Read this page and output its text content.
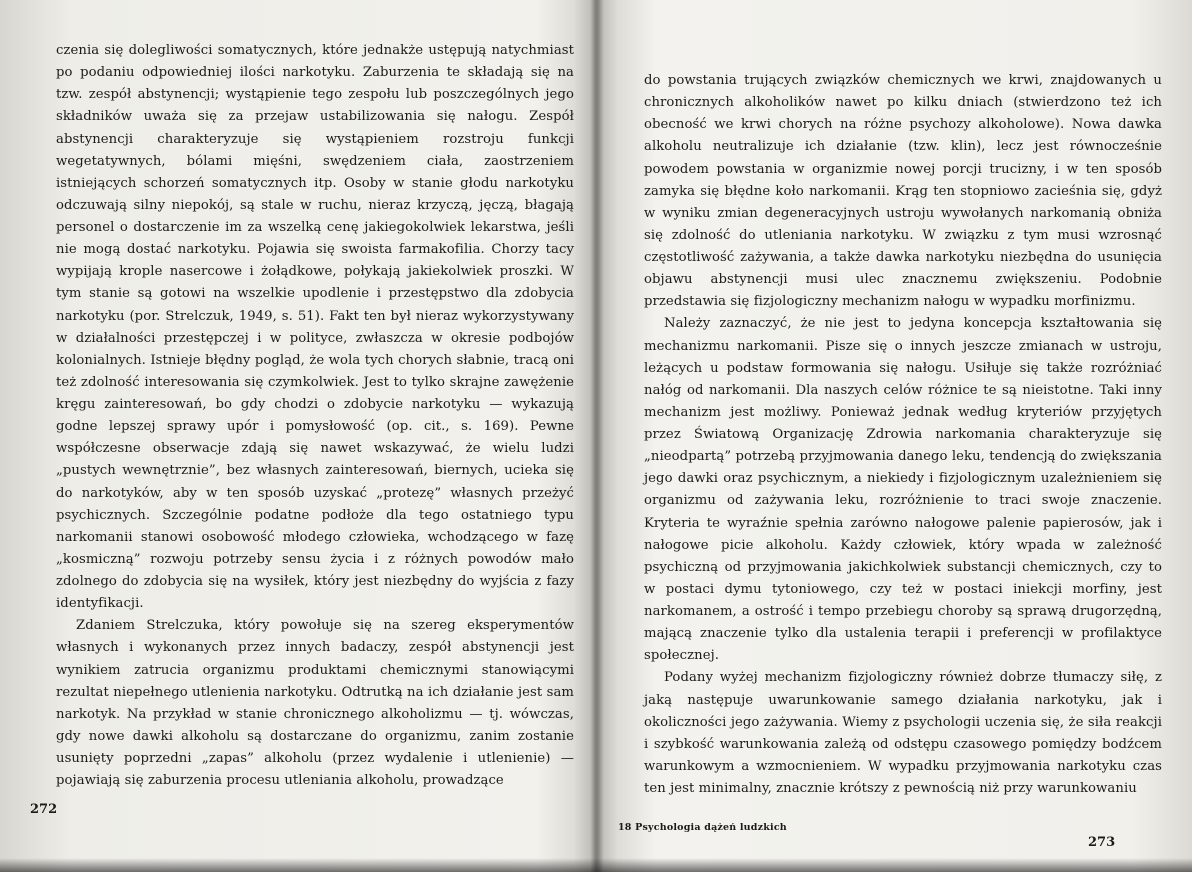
czenia się dolegliwości somatycznych, które jednakże ustępują natychmiast po podaniu odpowiedniej ilości narkotyku. Zaburzenia te składają się na tzw. zespół abstynencji; wystąpienie tego zespołu lub poszczególnych jego składników uważa się za przejaw ustabilizowania się nałogu. Zespół abstynencji charakteryzuje się wystąpieniem rozstroju funkcji wegetatywnych, bólami mięśni, swędzeniem ciała, zaostrzeniem istniejących schorzeń somatycznych itp. Osoby w stanie głodu narkotyku odczuwają silny niepokój, są stale w ruchu, nieraz krzyczą, jęczą, błagają personel o dostarczenie im za wszelką cenę jakiegokolwiek lekarstwa, jeśli nie mogą dostać narkotyku. Pojawia się swoista farmakofilia. Chorzy tacy wypijają krople nasercowe i żołądkowe, połykają jakiekolwiek proszki. W tym stanie są gotowi na wszelkie upodlenie i przestępstwo dla zdobycia narkotyku (por. Strelczuk, 1949, s. 51). Fakt ten był nieraz wykorzystywany w działalności przestępczej i w polityce, zwłaszcza w okresie podbojów kolonialnych. Istnieje błędny pogląd, że wola tych chorych słabnie, tracą oni też zdolność interesowania się czymkolwiek. Jest to tylko skrajne zawężenie kręgu zainteresowań, bo gdy chodzi o zdobycie narkotyku — wykazują godne lepszej sprawy upór i pomysłowość (op. cit., s. 169). Pewne współczesne obserwacje zdają się nawet wskazywać, że wielu ludzi „pustych wewnętrznie”, bez własnych zainteresowań, biernych, ucieka się do narkotyków, aby w ten sposób uzyskać „protezę” własnych przeżyć psychicznych. Szczególnie podatne podłoże dla tego ostatniego typu narkomanii stanowi osobowość młodego człowieka, wchodzącego w fazę „kosmiczną” rozwoju potrzeby sensu życia i z różnych powodów mało zdolnego do zdobycia się na wysiłek, który jest niezbędny do wyjścia z fazy identyfikacji.

Zdaniem Strelczuka, który powołuje się na szereg eksperymentów własnych i wykonanych przez innych badaczy, zespół abstynencji jest wynikiem zatrucia organizmu produktami chemicznymi stanowiącymi rezultat niepełnego utlenienia narkotyku. Odtrutką na ich działanie jest sam narkotyk. Na przykład w stanie chronicznego alkoholizmu — tj. wówczas, gdy nowe dawki alkoholu są dostarczane do organizmu, zanim zostanie usunięty poprzedni „zapas” alkoholu (przez wydalenie i utlenienie) — pojawiają się zaburzenia procesu utleniania alkoholu, prowadzące

272

do powstania trujących związków chemicznych we krwi, znajdowanych u chronicznych alkoholików nawet po kilku dniach (stwierdzono też ich obecność we krwi chorych na różne psychozy alkoholowe). Nowa dawka alkoholu neutralizuje ich działanie (tzw. klin), lecz jest równocześnie powodem powstania w organizmie nowej porcji trucizny, i w ten sposób zamyka się błędne koło narkomanii. Krąg ten stopniowo zacieśnia się, gdyż w wyniku zmian degeneracyjnych ustroju wywołanych narkomanią obniża się zdolność do utleniania narkotyku. W związku z tym musi wzrosnąć częstotliwość zażywania, a także dawka narkotyku niezbędna do usunięcia objawu abstynencji musi ulec znacznemu zwiększeniu. Podobnie przedstawia się fizjologiczny mechanizm nałogu w wypadku morfinizmu.

Należy zaznaczyć, że nie jest to jedyna koncepcja kształtowania się mechanizmu narkomanii. Pisze się o innych jeszcze zmianach w ustroju, leżących u podstaw formowania się nałogu. Usiłuje się także rozróżniać nałóg od narkomanii. Dla naszych celów różnice te są nieistotne. Taki inny mechanizm jest możliwy. Ponieważ jednak według kryteriów przyjętych przez Światową Organizację Zdrowia narkomania charakteryzuje się „nieodpartą” potrzebą przyjmowania danego leku, tendencją do zwiększania jego dawki oraz psychicznym, a niekiedy i fizjologicznym uzależnieniem się organizmu od zażywania leku, rozróżnienie to traci swoje znaczenie. Kryteria te wyraźnie spełnia zarówno nałogowe palenie papierosów, jak i nałogowe picie alkoholu. Każdy człowiek, który wpada w zależność psychiczną od przyjmowania jakichkolwiek substancji chemicznych, czy to w postaci dymu tytoniowego, czy też w postaci iniekcji morfiny, jest narkomanem, a ostrość i tempo przebiegu choroby są sprawą drugorzędną, mającą znaczenie tylko dla ustalenia terapii i preferencji w profilaktyce społecznej.

Podany wyżej mechanizm fizjologiczny również dobrze tłumaczy siłę, z jaką następuje uwarunkowanie samego działania narkotyku, jak i okoliczności jego zażywania. Wiemy z psychologii uczenia się, że siła reakcji i szybkość warunkowania zależą od odstępu czasowego pomiędzy bodźcem warunkowym a wzmocnieniem. W wypadku przyjmowania narkotyku czas ten jest minimalny, znacznie krótszy z pewnością niż przy warunkowaniu

18 Psychologia dążeń ludzkich
273
